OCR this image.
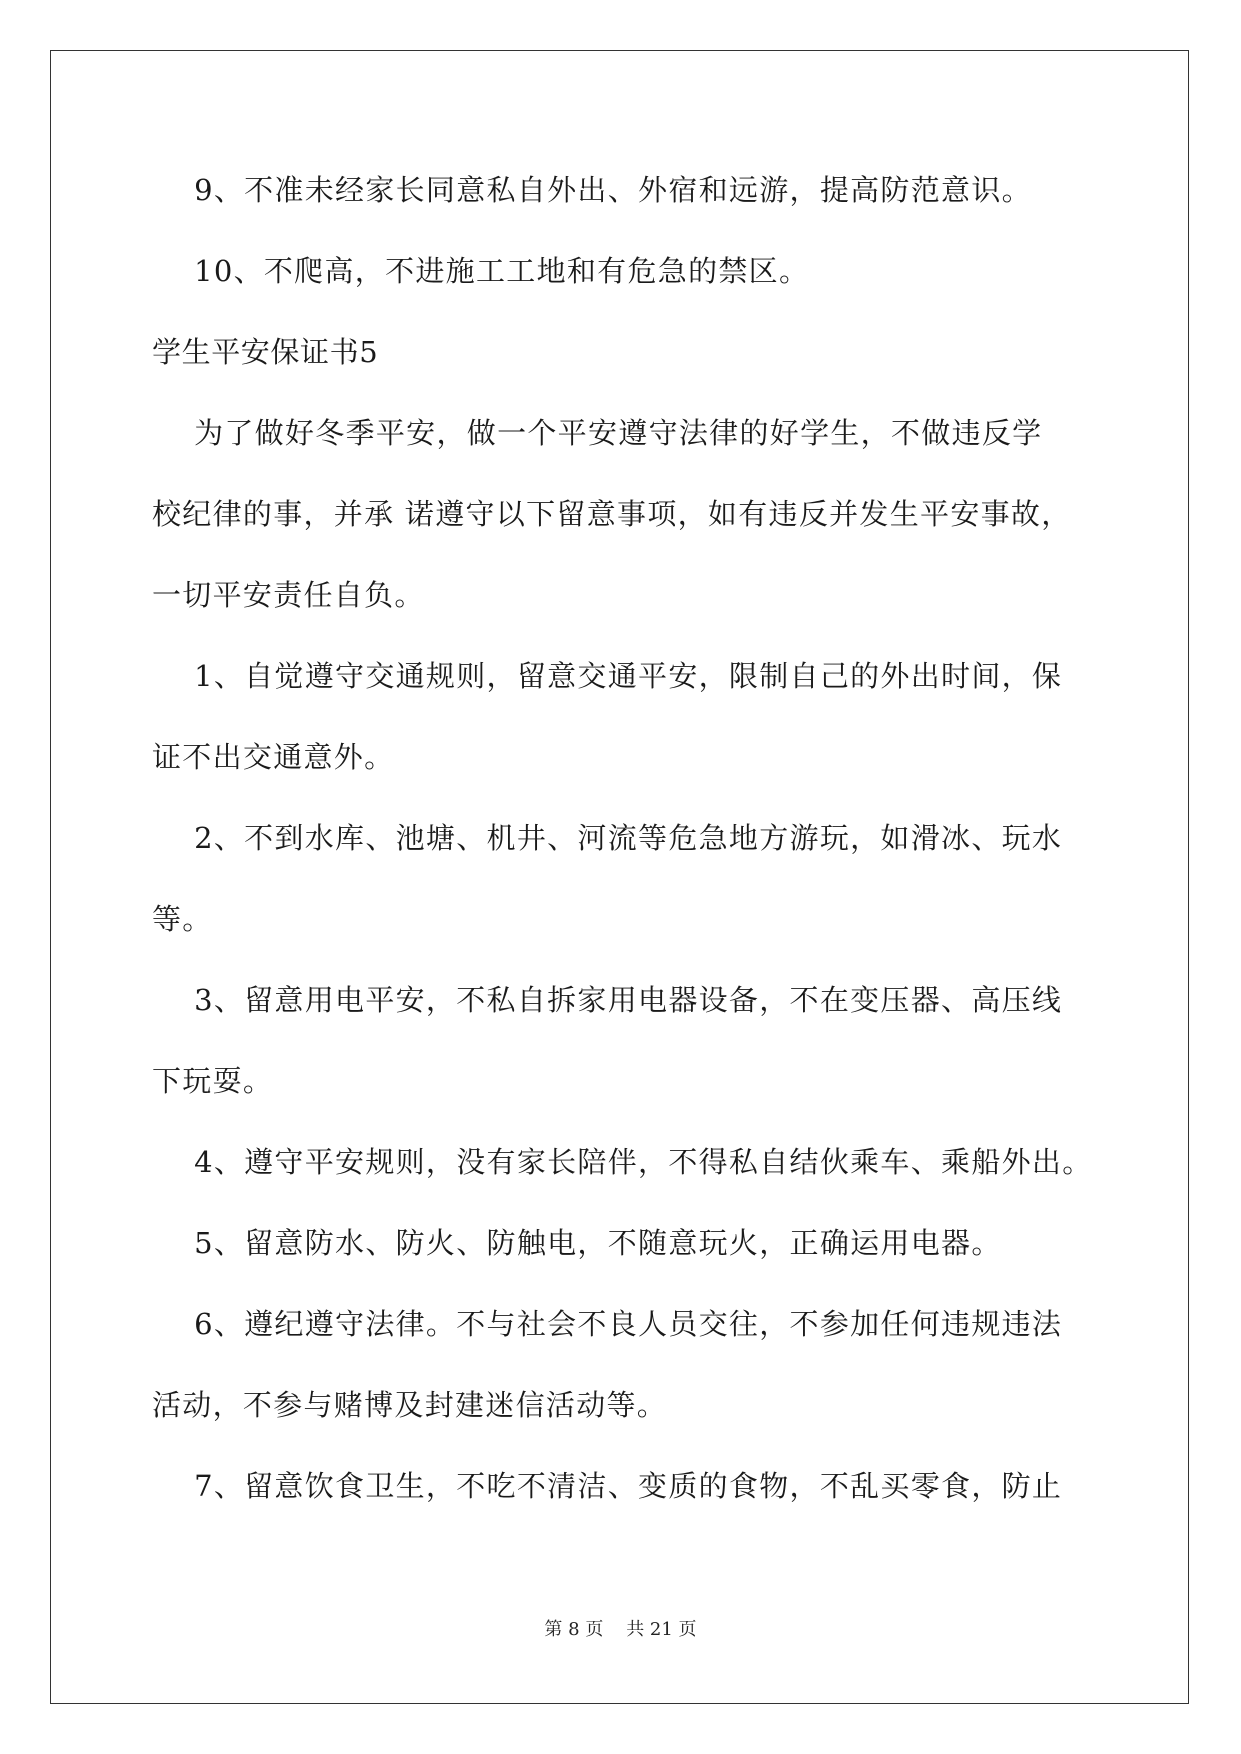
9、不准未经家长同意私自外出、外宿和远游，提高防范意识。
10、不爬高，不进施工工地和有危急的禁区。
学生平安保证书5
为了做好冬季平安，做一个平安遵守法律的好学生，不做违反学
校纪律的事，并承 诺遵守以下留意事项，如有违反并发生平安事故，
一切平安责任自负。
1、自觉遵守交通规则，留意交通平安，限制自己的外出时间，保
证不出交通意外。
2、不到水库、池塘、机井、河流等危急地方游玩，如滑冰、玩水
等。
3、留意用电平安，不私自拆家用电器设备，不在变压器、高压线
下玩耍。
4、遵守平安规则，没有家长陪伴，不得私自结伙乘车、乘船外出。
5、留意防水、防火、防触电，不随意玩火，正确运用电器。
6、遵纪遵守法律。不与社会不良人员交往，不参加任何违规违法
活动，不参与赌博及封建迷信活动等。
7、留意饮食卫生，不吃不清洁、变质的食物，不乱买零食，防止
第 8 页    共 21 页
